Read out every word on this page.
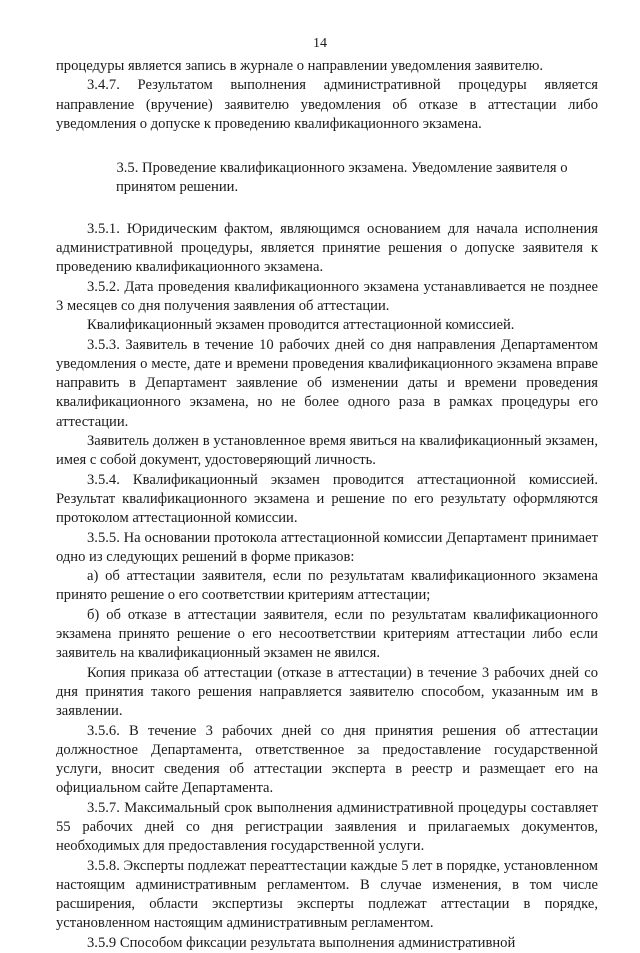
14

процедуры является запись в журнале о направлении уведомления заявителю.

3.4.7. Результатом выполнения административной процедуры является направление (вручение) заявителю уведомления об отказе в аттестации либо уведомления о допуске к проведению квалификационного экзамена.

3.5. Проведение квалификационного экзамена. Уведомление заявителя о принятом решении.

3.5.1. Юридическим фактом, являющимся основанием для начала исполнения административной процедуры, является принятие решения о допуске заявителя к проведению квалификационного экзамена.

3.5.2. Дата проведения квалификационного экзамена устанавливается не позднее 3 месяцев со дня получения заявления об аттестации.

Квалификационный экзамен проводится аттестационной комиссией.

3.5.3. Заявитель в течение 10 рабочих дней со дня направления Департаментом уведомления о месте, дате и времени проведения квалификационного экзамена вправе направить в Департамент заявление об изменении даты и времени проведения квалификационного экзамена, но не более одного раза в рамках процедуры его аттестации.

Заявитель должен в установленное время явиться на квалификационный экзамен, имея с собой документ, удостоверяющий личность.

3.5.4. Квалификационный экзамен проводится аттестационной комиссией. Результат квалификационного экзамена и решение по его результату оформляются протоколом аттестационной комиссии.

3.5.5. На основании протокола аттестационной комиссии Департамент принимает одно из следующих решений в форме приказов:

а) об аттестации заявителя, если по результатам квалификационного экзамена принято решение о его соответствии критериям аттестации;

б) об отказе в аттестации заявителя, если по результатам квалификационного экзамена принято решение о его несоответствии критериям аттестации либо если заявитель на квалификационный экзамен не явился.

Копия приказа об аттестации (отказе в аттестации) в течение 3 рабочих дней со дня принятия такого решения направляется заявителю способом, указанным им в заявлении.

3.5.6. В течение 3 рабочих дней со дня принятия решения об аттестации должностное Департамента, ответственное за предоставление государственной услуги, вносит сведения об аттестации эксперта в реестр и размещает его на официальном сайте Департамента.

3.5.7. Максимальный срок выполнения административной процедуры составляет 55 рабочих дней со дня регистрации заявления и прилагаемых документов, необходимых для предоставления государственной услуги.

3.5.8. Эксперты подлежат переаттестации каждые 5 лет в порядке, установленном настоящим административным регламентом. В случае изменения, в том числе расширения, области экспертизы эксперты подлежат аттестации в порядке, установленном настоящим административным регламентом.

3.5.9 Способом фиксации результата выполнения административной
